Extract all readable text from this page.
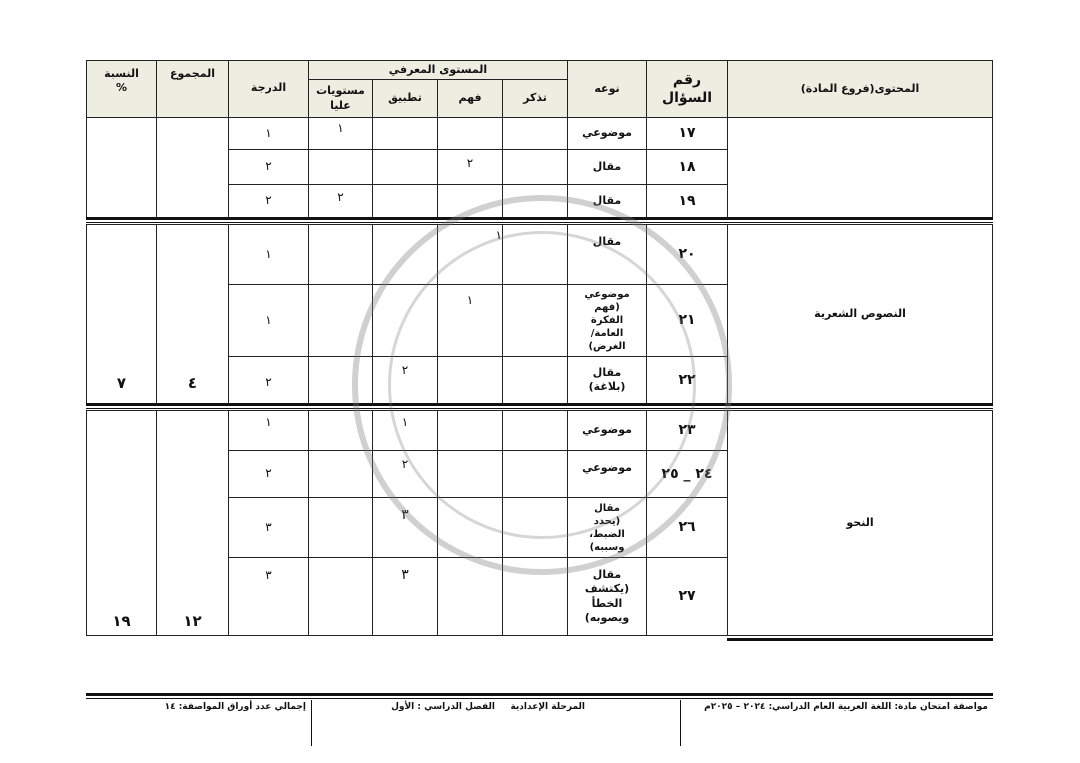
المحتوى(فروع المادة)
رقم السؤال
نوعه
المستوى المعرفي
تذكر
فهم
تطبيق
مستويات عليا
الدرجة
المجموع
النسبة %
١٧
موضوعي
١
١
١٨
مقال
٢
٢
١٩
مقال
٢
٢
النصوص الشعرية
٢٠
مقال
١
١
٢١
موضوعي (فهم الفكرة العامة/ الغرض)
١
١
٢٢
مقال (بلاغة)
٢
٢
٤
٧
النحو
٢٣
موضوعي
١
١
٢٤ _ ٢٥
موضوعي
٢
٢
٢٦
مقال (يحدد الضبط، وسببه)
٣
٣
٢٧
مقال (يكتشف الخطأ ويصوبه)
٣
٣
١٢
١٩
مواصفة امتحان مادة: اللغة العربية العام الدراسي: ٢٠٢٤ – ٢٠٢٥م
المرحلة الإعدادية
الفصل الدراسي : الأول
إجمالي عدد أوراق المواصفة: ١٤
